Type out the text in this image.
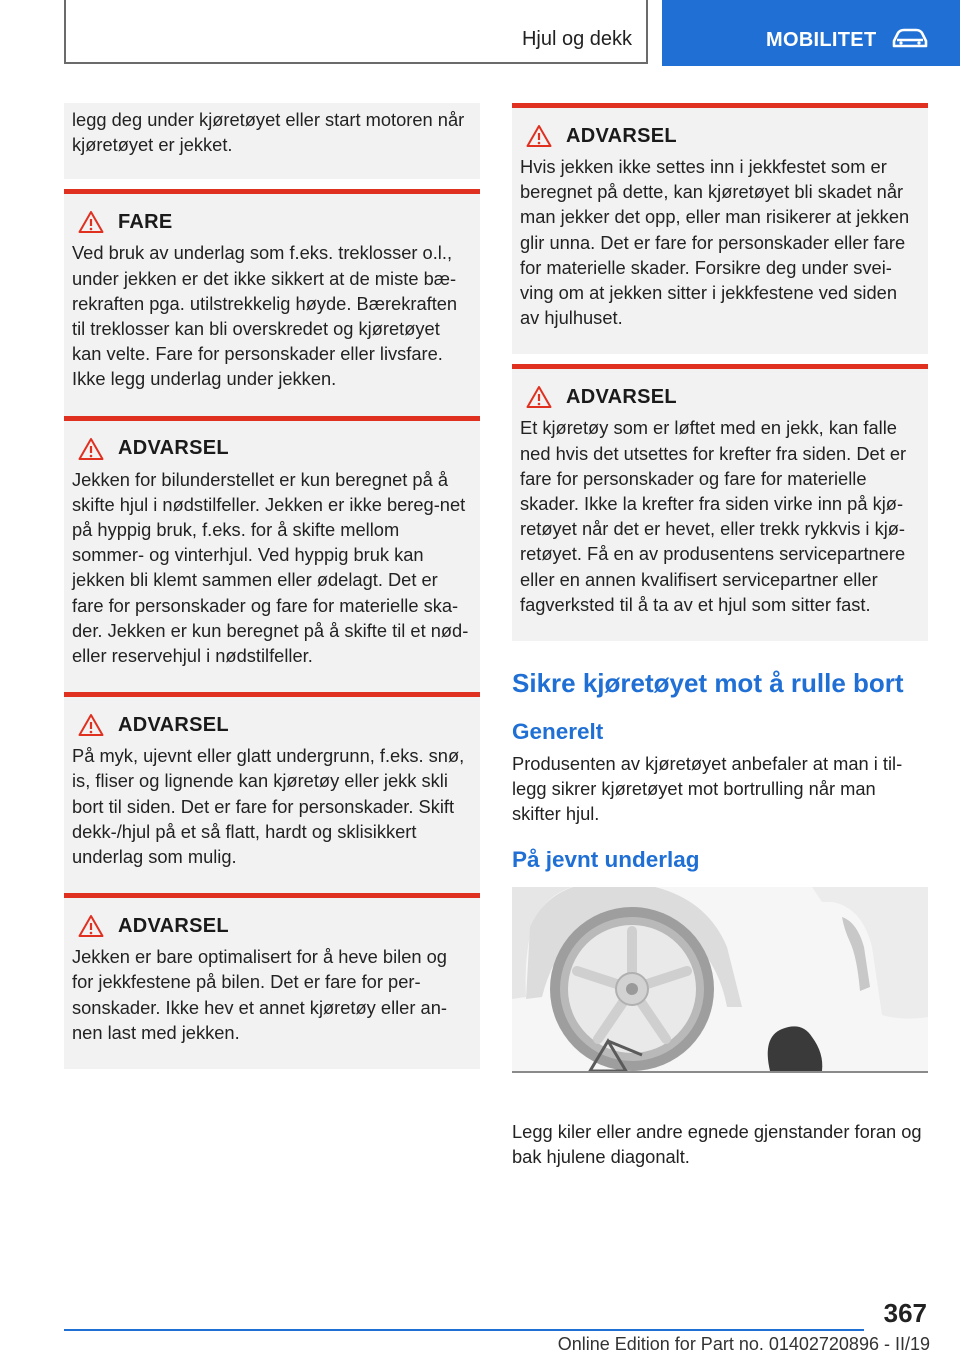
Hjul og dekk	MOBILITET

legg deg under kjøretøyet eller start motoren når kjøretøyet er jekket.

FARE

Ved bruk av underlag som f.eks. treklosser o.l., under jekken er det ikke sikkert at de miste bæ-rekraften pga. utilstrekkelig høyde. Bærekraften til treklosser kan bli overskredet og kjøretøyet kan velte. Fare for personskader eller livsfare. Ikke legg underlag under jekken.

ADVARSEL

Jekken for bilunderstellet er kun beregnet på å skifte hjul i nødstilfeller. Jekken er ikke bereg-net på hyppig bruk, f.eks. for å skifte mellom sommer- og vinterhjul. Ved hyppig bruk kan jekken bli klemt sammen eller ødelagt. Det er fare for personskader og fare for materielle ska-der. Jekken er kun beregnet på å skifte til et nød- eller reservehjul i nødstilfeller.

ADVARSEL

På myk, ujevnt eller glatt undergrunn, f.eks. snø, is, fliser og lignende kan kjøretøy eller jekk skli bort til siden. Det er fare for personskader. Skift dekk-/hjul på et så flatt, hardt og sklisikkert underlag som mulig.

ADVARSEL

Jekken er bare optimalisert for å heve bilen og for jekkfestene på bilen. Det er fare for per-sonskader. Ikke hev et annet kjøretøy eller an-nen last med jekken.

ADVARSEL

Hvis jekken ikke settes inn i jekkfestet som er beregnet på dette, kan kjøretøyet bli skadet når man jekker det opp, eller man risikerer at jekken glir unna. Det er fare for personskader eller fare for materielle skader. Forsikre deg under svei-ving om at jekken sitter i jekkfestene ved siden av hjulhuset.

ADVARSEL

Et kjøretøy som er løftet med en jekk, kan falle ned hvis det utsettes for krefter fra siden. Det er fare for personskader og fare for materielle skader. Ikke la krefter fra siden virke inn på kjø-retøyet når det er hevet, eller trekk rykkvis i kjø-retøyet. Få en av produsentens servicepartnere eller en annen kvalifisert servicepartner eller fagverksted til å ta av et hjul som sitter fast.

Sikre kjøretøyet mot å rulle bort
Generelt

Produsenten av kjøretøyet anbefaler at man i til-legg sikrer kjøretøyet mot bortrulling når man skifter hjul.

På jevnt underlag

Legg kiler eller andre egnede gjenstander foran og bak hjulene diagonalt.

367
Online Edition for Part no. 01402720896 - II/19
